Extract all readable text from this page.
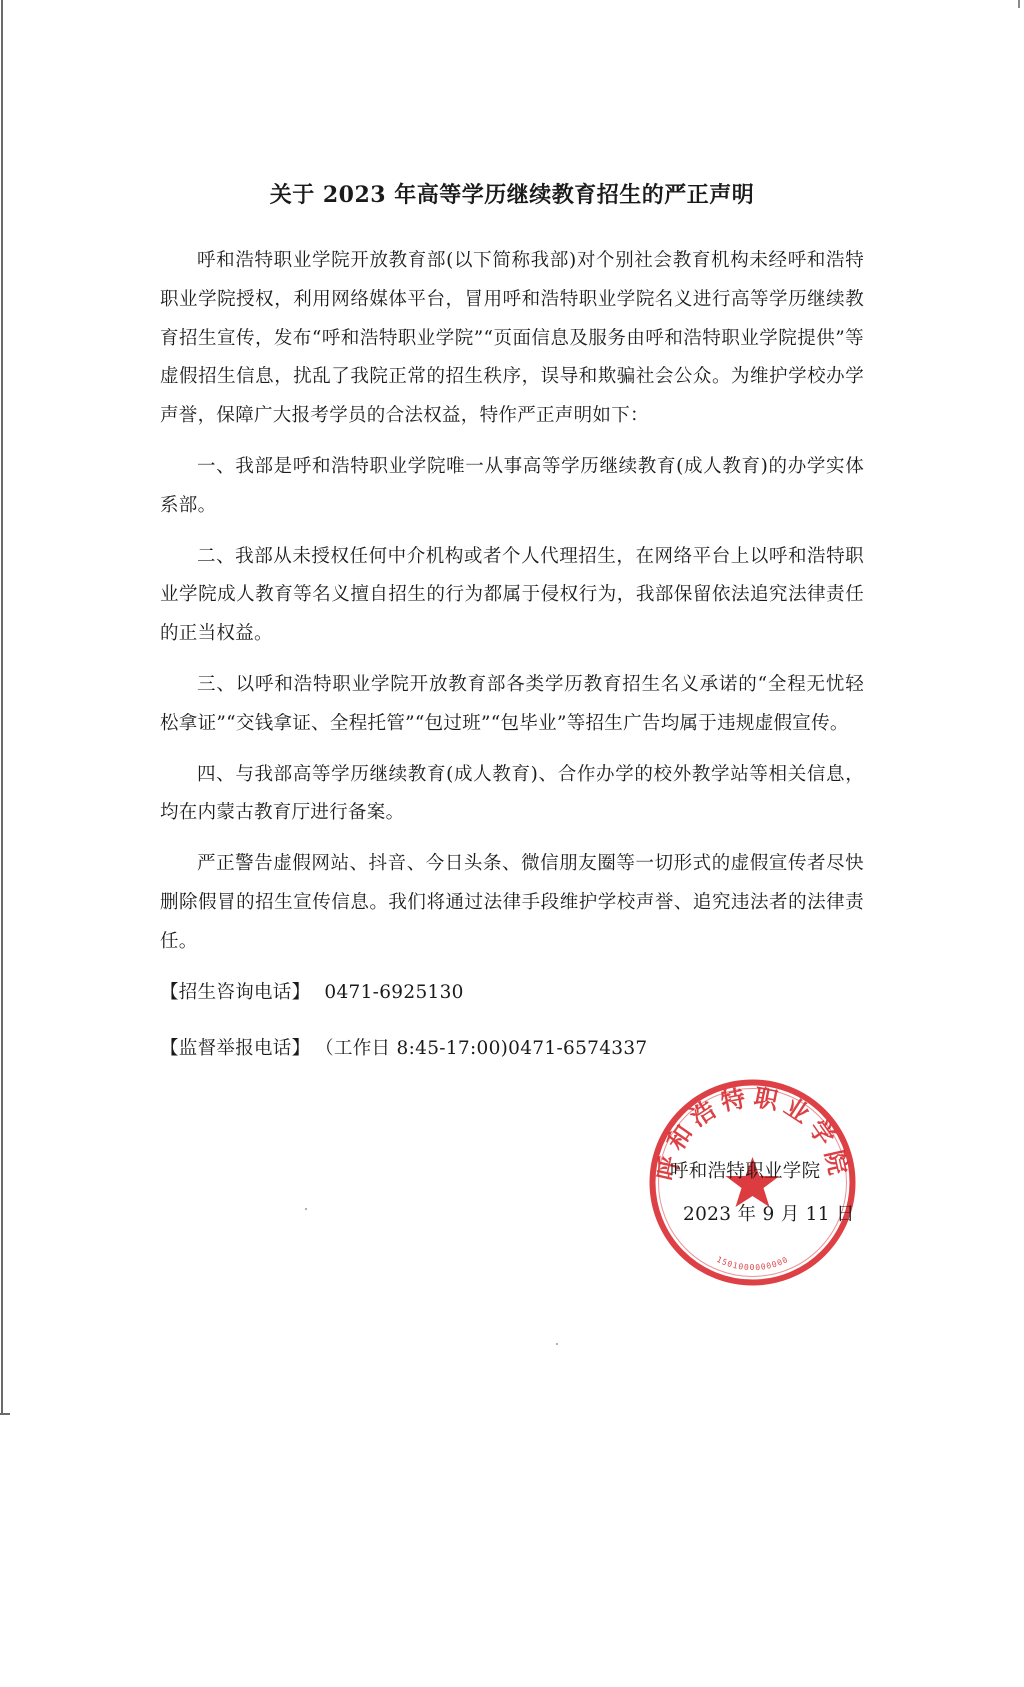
关于 2023 年高等学历继续教育招生的严正声明

呼和浩特职业学院开放教育部(以下简称我部)对个别社会教育机构未经呼和浩特职业学院授权，利用网络媒体平台，冒用呼和浩特职业学院名义进行高等学历继续教育招生宣传，发布“呼和浩特职业学院”“页面信息及服务由呼和浩特职业学院提供”等虚假招生信息，扰乱了我院正常的招生秩序，误导和欺骗社会公众。为维护学校办学声誉，保障广大报考学员的合法权益，特作严正声明如下：

一、我部是呼和浩特职业学院唯一从事高等学历继续教育(成人教育)的办学实体系部。

二、我部从未授权任何中介机构或者个人代理招生，在网络平台上以呼和浩特职业学院成人教育等名义擅自招生的行为都属于侵权行为，我部保留依法追究法律责任的正当权益。

三、以呼和浩特职业学院开放教育部各类学历教育招生名义承诺的“全程无忧轻松拿证”“交钱拿证、全程托管”“包过班”“包毕业”等招生广告均属于违规虚假宣传。

四、与我部高等学历继续教育(成人教育)、合作办学的校外教学站等相关信息，均在内蒙古教育厅进行备案。

严正警告虚假网站、抖音、今日头条、微信朋友圈等一切形式的虚假宣传者尽快删除假冒的招生宣传信息。我们将通过法律手段维护学校声誉、追究违法者的法律责任。

【招生咨询电话】 0471-6925130
【监督举报电话】 （工作日 8:45-17:00)0471-6574337
呼和浩特职业学院
1501000000000
呼和浩特职业学院
2023 年 9 月 11 日
